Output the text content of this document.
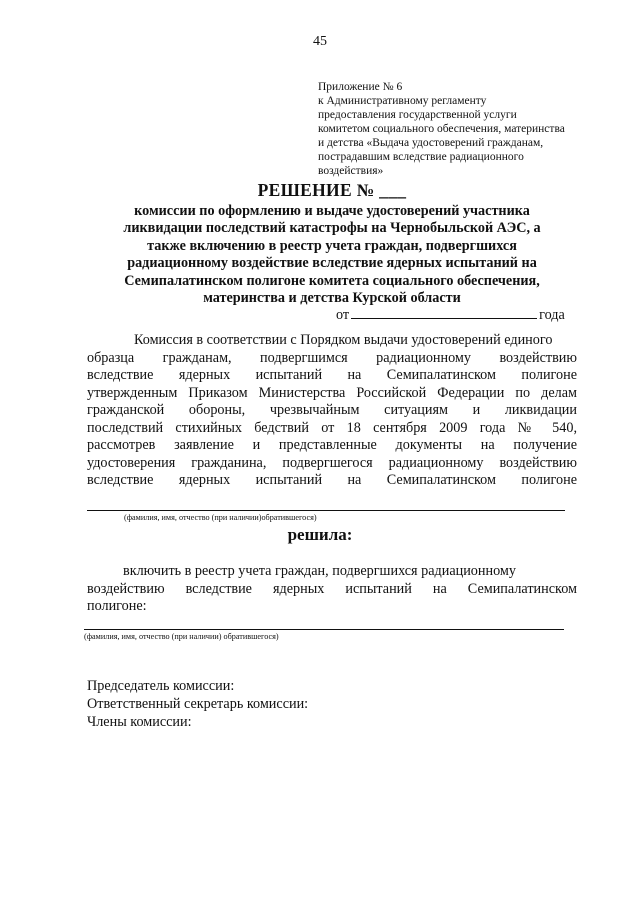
45
Приложение № 6
к Административному регламенту
предоставления государственной услуги
комитетом социального обеспечения, материнства
и детства «Выдача удостоверений гражданам,
пострадавшим вследствие радиационного
воздействия»
РЕШЕНИЕ № ___
комиссии по оформлению и выдаче удостоверений участника
ликвидации последствий катастрофы на Чернобыльской АЭС, а
также включению в реестр учета граждан, подвергшихся
радиационному воздействие вследствие ядерных испытаний на
Семипалатинском полигоне комитета социального обеспечения,
материнства и детства Курской области
от	года
Комиссия в соответствии с Порядком выдачи удостоверений единого
образца гражданам, подвергшимся радиационному воздействию
вследствие ядерных испытаний на Семипалатинском полигоне
утвержденным Приказом Министерства Российской Федерации по делам
гражданской обороны, чрезвычайным ситуациям и ликвидации
последствий стихийных бедствий от 18 сентября 2009 года № 540,
рассмотрев заявление и представленные документы на получение
удостоверения гражданина, подвергшегося радиационному воздействию
вследствие ядерных испытаний на Семипалатинском полигоне
(фамилия, имя, отчество (при наличии)обратившегося)
решила:
включить в реестр учета граждан, подвергшихся радиационному
воздействию вследствие ядерных испытаний на Семипалатинском
полигоне:
(фамилия, имя, отчество (при наличии) обратившегося)
Председатель комиссии:
Ответственный секретарь комиссии:
Члены комиссии:
